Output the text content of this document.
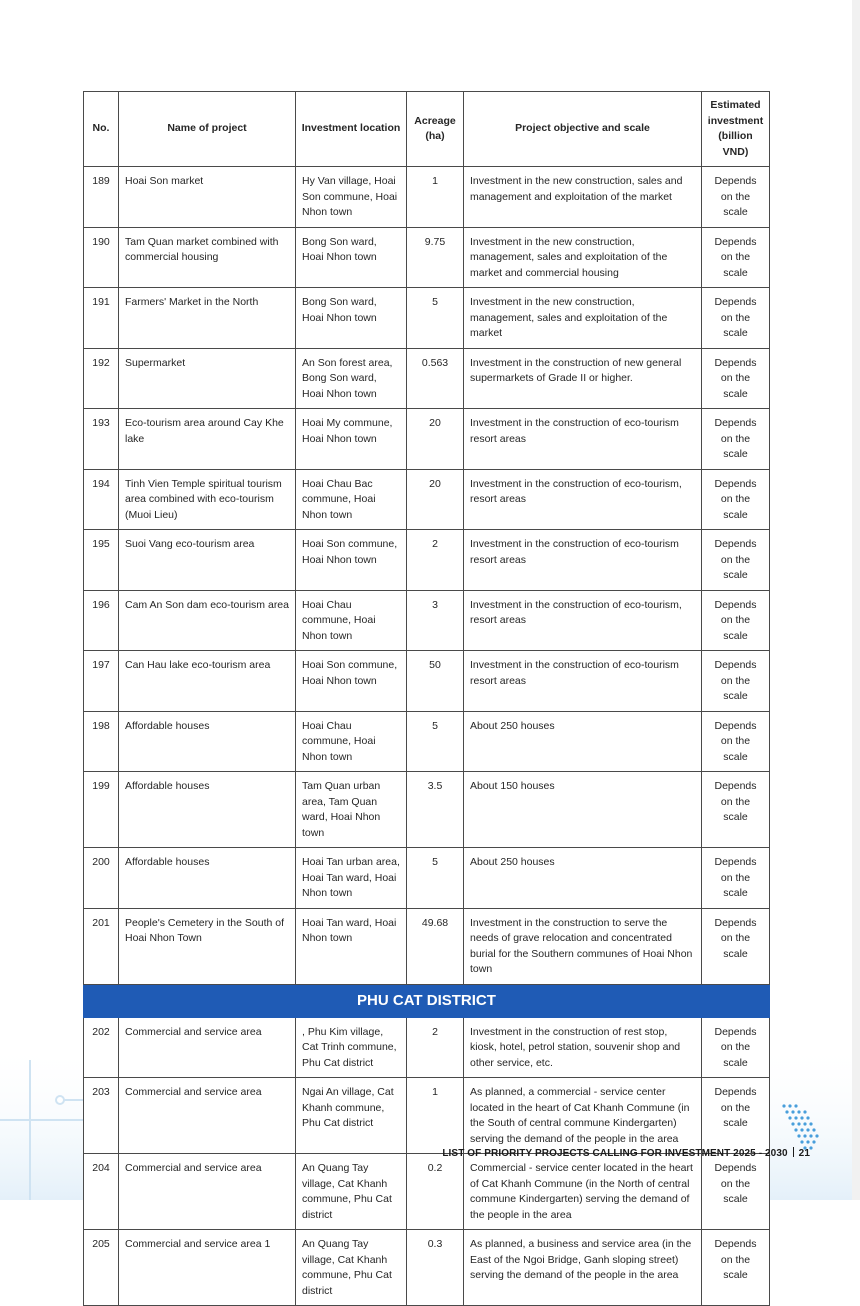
No.	Name of project	Investment location	Acreage (ha)	Project objective and scale	Estimated investment (billion VND)
189	Hoai Son market	Hy Van village, Hoai Son commune, Hoai Nhon town	1	Investment in the new construction, sales and management and exploitation of the market	Depends on the scale
190	Tam Quan market combined with commercial housing	Bong Son ward, Hoai Nhon town	9.75	Investment in the new construction, management, sales and exploitation of the market and commercial housing	Depends on the scale
191	Farmers' Market in the North	Bong Son ward, Hoai Nhon town	5	Investment in the new construction, management, sales and exploitation of the market	Depends on the scale
192	Supermarket	An Son forest area, Bong Son ward, Hoai Nhon town	0.563	Investment in the construction of new general supermarkets of Grade II or higher.	Depends on the scale
193	Eco-tourism area around Cay Khe lake	Hoai My commune, Hoai Nhon town	20	Investment in the construction of eco-tourism resort areas	Depends on the scale
194	Tinh Vien Temple spiritual tourism area combined with eco-tourism (Muoi Lieu)	Hoai Chau Bac commune, Hoai Nhon town	20	Investment in the construction of eco-tourism, resort areas	Depends on the scale
195	Suoi Vang eco-tourism area	Hoai Son commune, Hoai Nhon town	2	Investment in the construction of eco-tourism resort areas	Depends on the scale
196	Cam An Son dam eco-tourism area	Hoai Chau commune, Hoai Nhon town	3	Investment in the construction of eco-tourism, resort areas	Depends on the scale
197	Can Hau lake eco-tourism area	Hoai Son commune, Hoai Nhon town	50	Investment in the construction of eco-tourism resort areas	Depends on the scale
198	Affordable houses	Hoai Chau commune, Hoai Nhon town	5	About 250 houses	Depends on the scale
199	Affordable houses	Tam Quan urban area, Tam Quan ward, Hoai Nhon town	3.5	About 150 houses	Depends on the scale
200	Affordable houses	Hoai Tan urban area, Hoai Tan ward, Hoai Nhon town	5	About 250 houses	Depends on the scale
201	People's Cemetery in the South of Hoai Nhon Town	Hoai Tan ward, Hoai Nhon town	49.68	Investment in the construction to serve the needs of grave relocation and concentrated burial for the Southern communes of Hoai Nhon town	Depends on the scale
PHU CAT DISTRICT					
202	Commercial and service area	, Phu Kim village, Cat Trinh commune, Phu Cat district	2	Investment in the construction of rest stop, kiosk, hotel, petrol station, souvenir shop and other service, etc.	Depends on the scale
203	Commercial and service area	Ngai An village, Cat Khanh commune, Phu Cat district	1	As planned, a commercial - service center located in the heart of Cat Khanh Commune (in the South of central commune Kindergarten) serving the demand of the people in the area	Depends on the scale
204	Commercial and service area	An Quang Tay village, Cat Khanh commune, Phu Cat district	0.2	Commercial - service center located in the heart of Cat Khanh Commune (in the North of central commune Kindergarten) serving the demand of the people in the area	Depends on the scale
205	Commercial and service area 1	An Quang Tay village, Cat Khanh commune, Phu Cat district	0.3	As planned, a business and service area (in the East of the Ngoi Bridge, Ganh sloping street) serving the demand of the people in the area	Depends on the scale
LIST OF PRIORITY PROJECTS CALLING FOR INVESTMENT 2025 - 2030 21
